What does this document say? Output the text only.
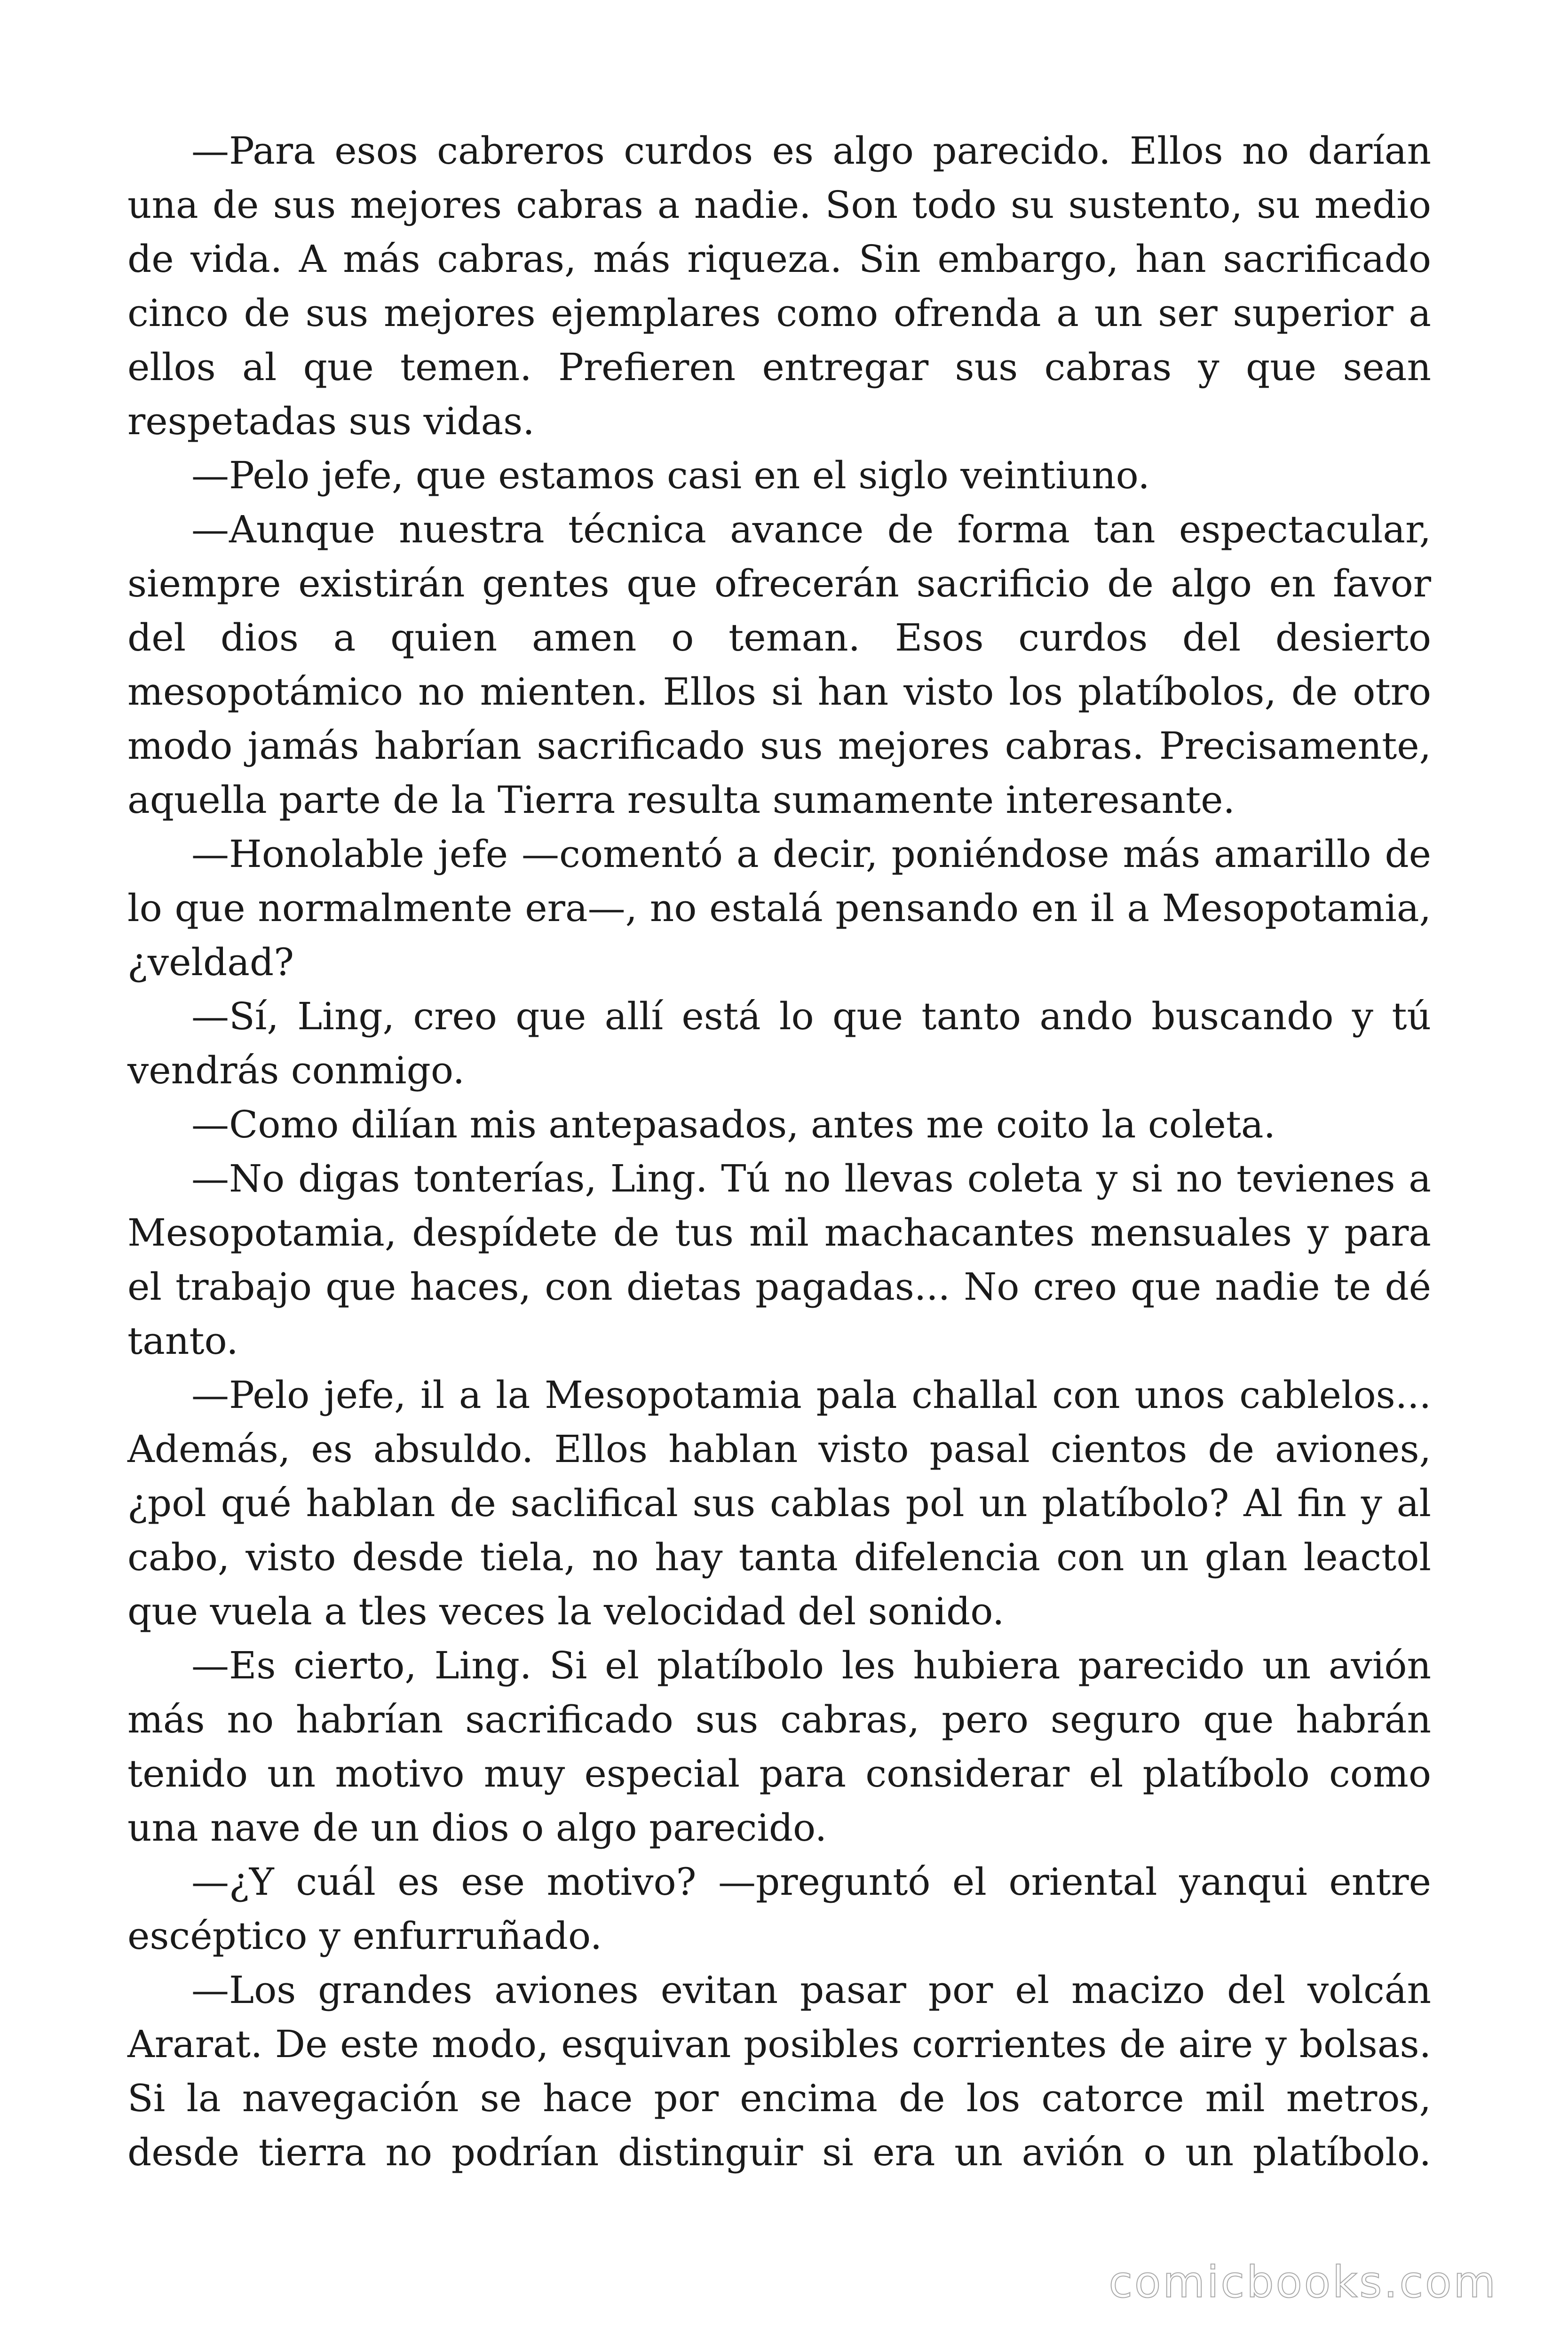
—Para esos cabreros curdos es algo parecido. Ellos no darían una de sus mejores cabras a nadie. Son todo su sustento, su medio de vida. A más cabras, más riqueza. Sin embargo, han sacrificado cinco de sus mejores ejemplares como ofrenda a un ser superior a ellos al que temen. Prefieren entregar sus cabras y que sean respetadas sus vidas.

—Pelo jefe, que estamos casi en el siglo veintiuno.

—Aunque nuestra técnica avance de forma tan espectacular, siempre existirán gentes que ofrecerán sacrificio de algo en favor del dios a quien amen o teman. Esos curdos del desierto mesopotámico no mienten. Ellos si han visto los platíbolos, de otro modo jamás habrían sacrificado sus mejores cabras. Precisamente, aquella parte de la Tierra resulta sumamente interesante.

—Honolable jefe —comentó a decir, poniéndose más amarillo de lo que normalmente era—, no estalá pensando en il a Mesopotamia, ¿veldad?

—Sí, Ling, creo que allí está lo que tanto ando buscando y tú vendrás conmigo.

—Como dilían mis antepasados, antes me coito la coleta.

—No digas tonterías, Ling. Tú no llevas coleta y si no tevienes a Mesopotamia, despídete de tus mil machacantes mensuales y para el trabajo que haces, con dietas pagadas... No creo que nadie te dé tanto.

—Pelo jefe, il a la Mesopotamia pala challal con unos cablelos... Además, es absuldo. Ellos hablan visto pasal cientos de aviones, ¿pol qué hablan de saclifical sus cablas pol un platíbolo? Al fin y al cabo, visto desde tiela, no hay tanta difelencia con un glan leactol que vuela a tles veces la velocidad del sonido.

—Es cierto, Ling. Si el platíbolo les hubiera parecido un avión más no habrían sacrificado sus cabras, pero seguro que habrán tenido un motivo muy especial para considerar el platíbolo como una nave de un dios o algo parecido.

—¿Y cuál es ese motivo? —preguntó el oriental yanqui entre escéptico y enfurruñado.

—Los grandes aviones evitan pasar por el macizo del volcán Ararat. De este modo, esquivan posibles corrientes de aire y bolsas. Si la navegación se hace por encima de los catorce mil metros, desde tierra no podrían distinguir si era un avión o un platíbolo.

comicbooks.com
